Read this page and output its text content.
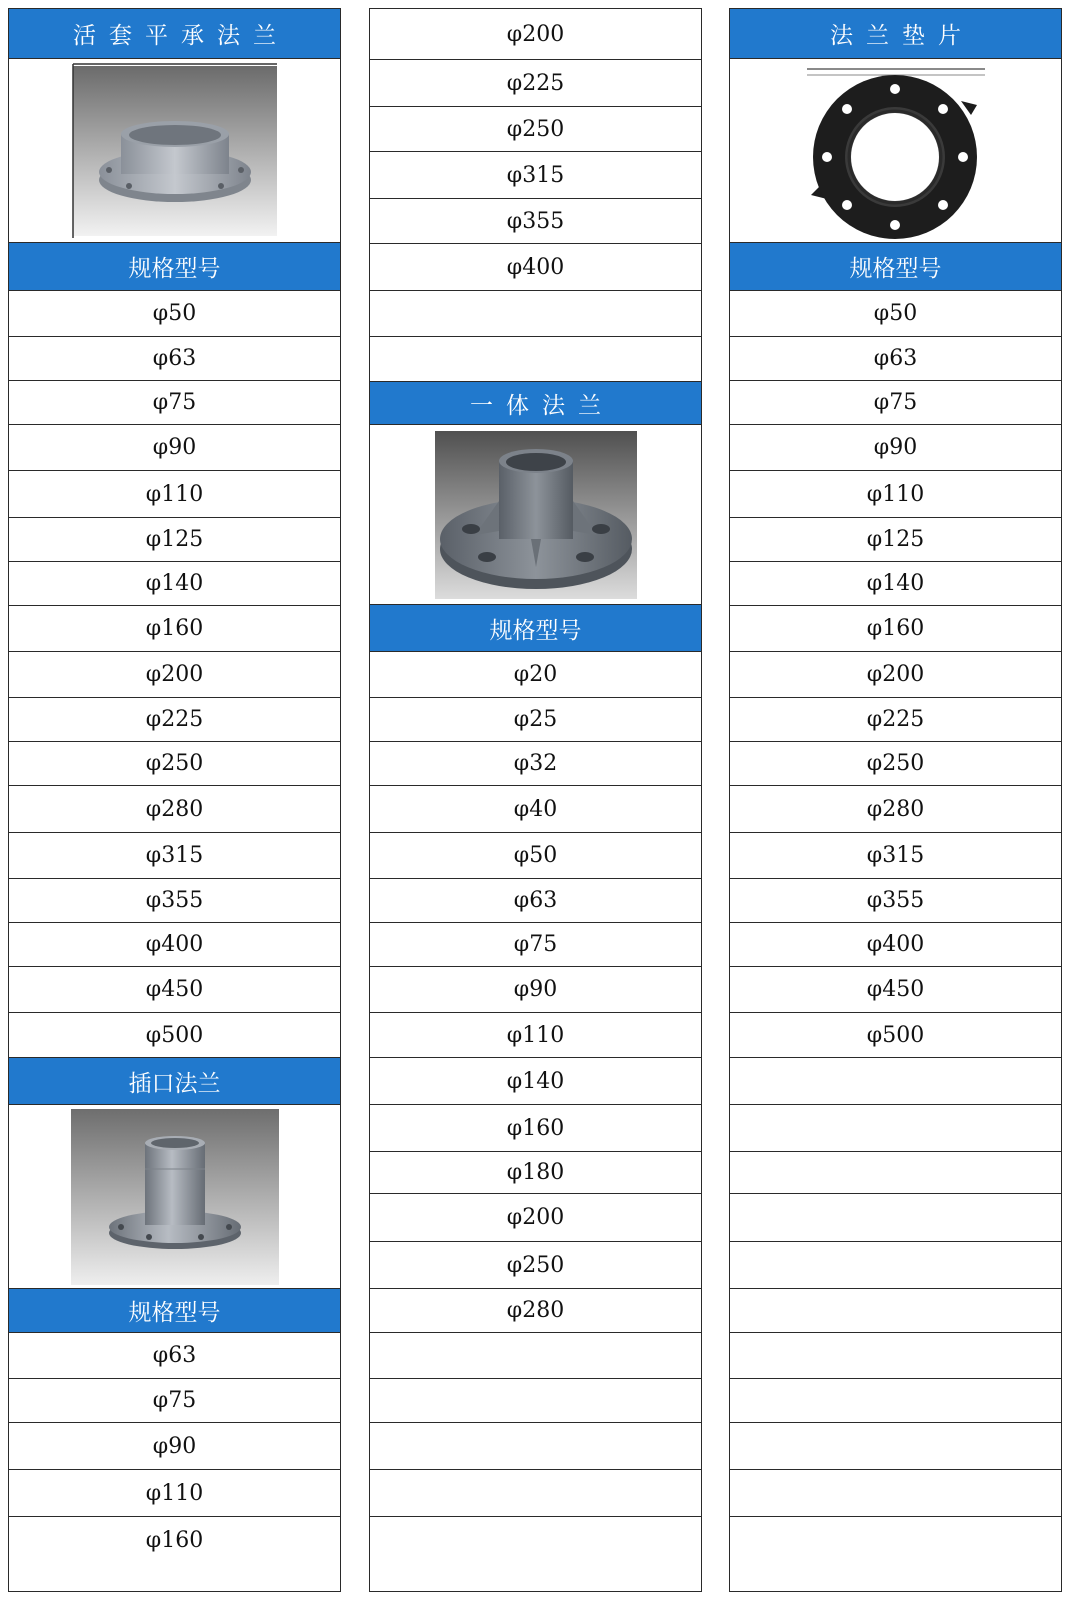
活套平承法兰
规格型号
φ50
φ63
φ75
φ90
φ110
φ125
φ140
φ160
φ200
φ225
φ250
φ280
φ315
φ355
φ400
φ450
φ500
插口法兰
规格型号
φ63
φ75
φ90
φ110
φ160
φ200
φ225
φ250
φ315
φ355
φ400
一体法兰
规格型号
φ20
φ25
φ32
φ40
φ50
φ63
φ75
φ90
φ110
φ140
φ160
φ180
φ200
φ250
φ280
法兰垫片
规格型号
φ50
φ63
φ75
φ90
φ110
φ125
φ140
φ160
φ200
φ225
φ250
φ280
φ315
φ355
φ400
φ450
φ500
